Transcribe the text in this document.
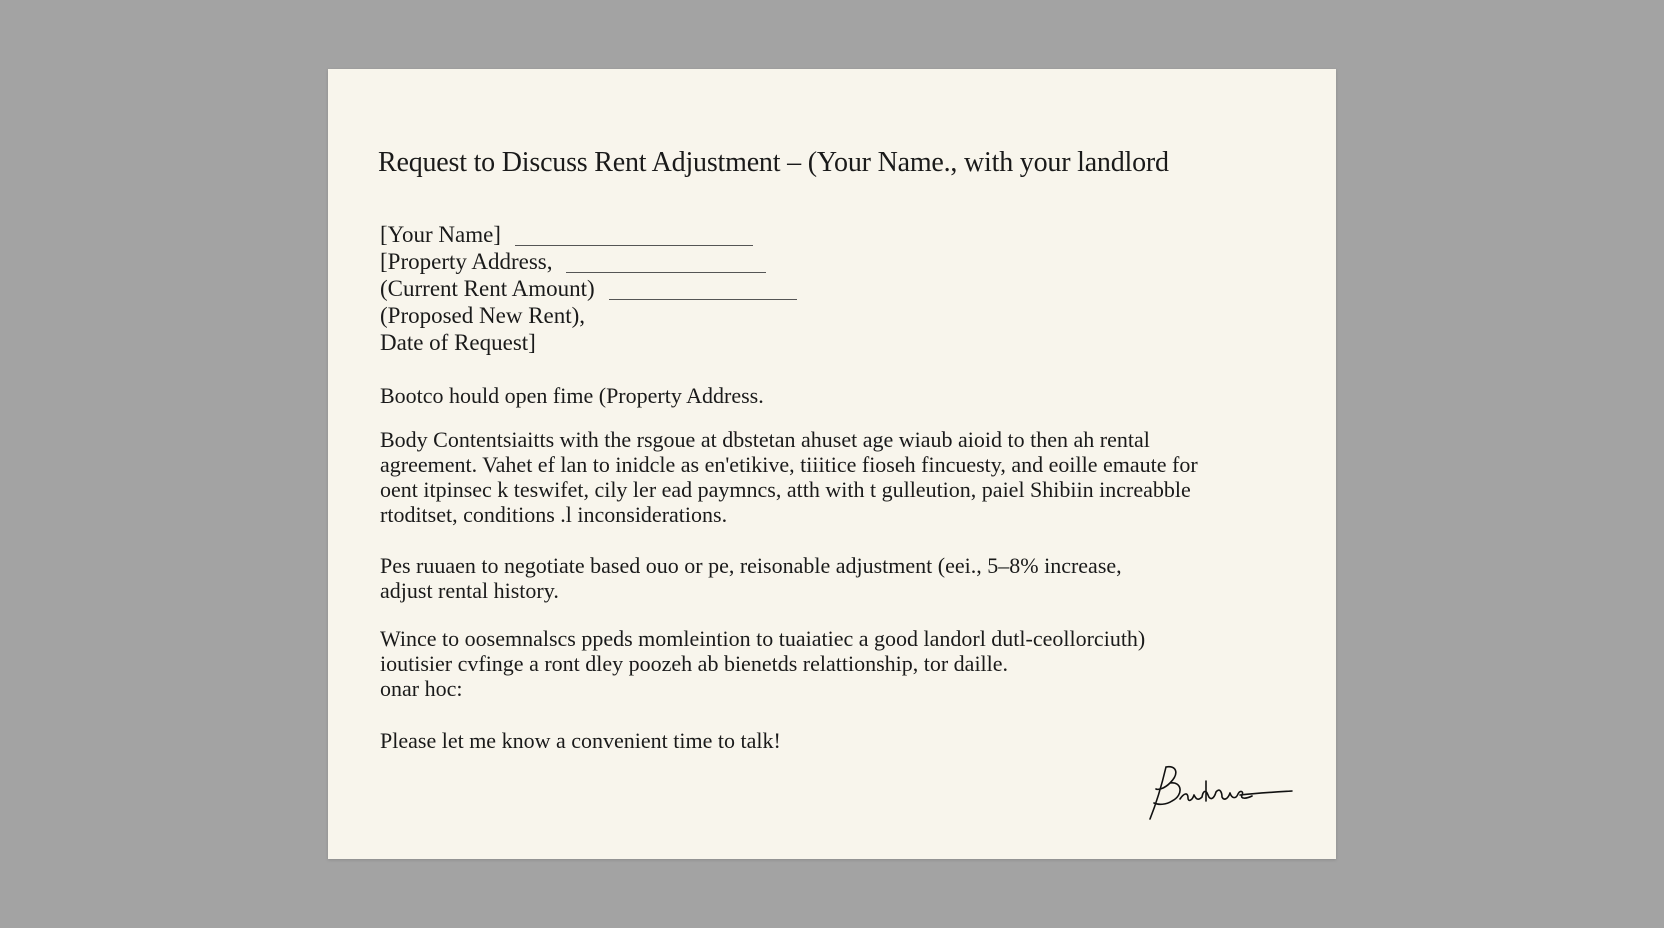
Request to Discuss Rent Adjustment – (Your Name., with your landlord
[Your Name]
[Property Address,
(Current Rent Amount)
(Proposed New Rent),
Date of Request]
Bootco hould open fime (Property Address.
Body Contentsiaitts with the rsgoue at dbstetan ahuset age wiaub aioid to then ah rental
agreement. Vahet ef lan to inidcle as en'etikive, tiiitice fioseh fincuesty, and eoille emaute for
oent itpinsec k teswifet, cily ler ead paymncs, atth with t gulleution, paiel Shibiin increabble
rtoditset, conditions .l inconsiderations.
Pes ruuaen to negotiate based ouo or pe, reisonable adjustment (eei., 5–8% increase,
adjust rental history.
Wince to oosemnalscs ppeds momleintion to tuaiatiec a good landorl dutl-ceollorciuth)
ioutisier cvfinge a ront dley poozeh ab bienetds relattionship, tor daille.
onar hoc:
Please let me know a convenient time to talk!
